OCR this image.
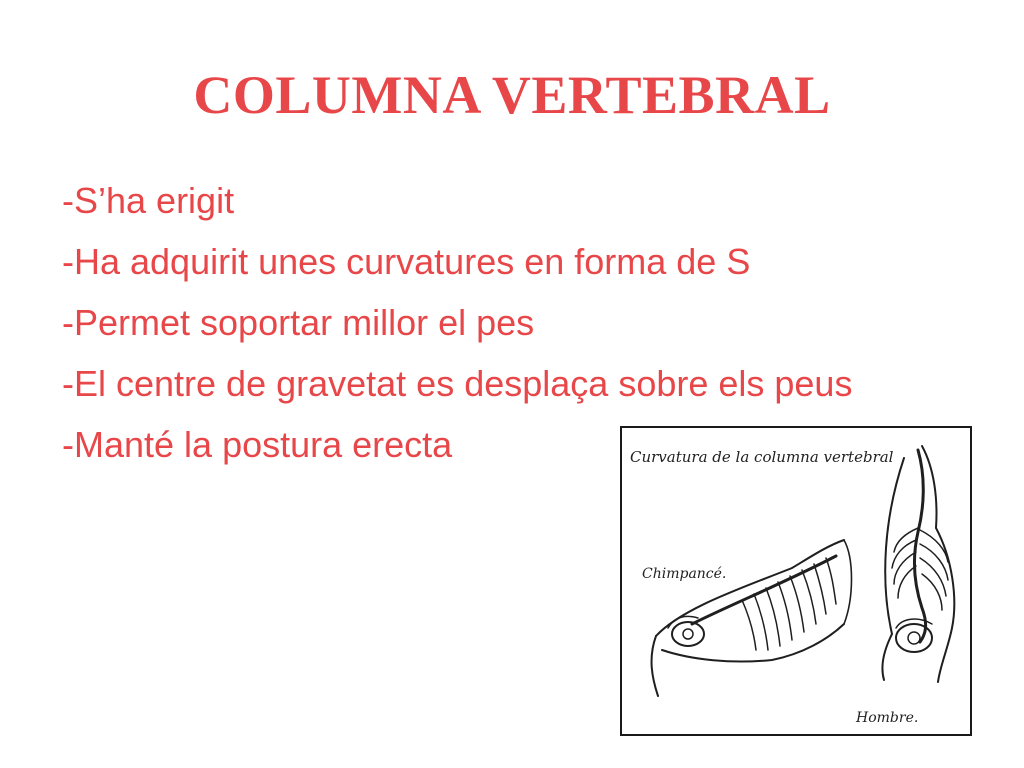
COLUMNA VERTEBRAL
-S’ha erigit
-Ha adquirit unes curvatures en forma de S
-Permet soportar millor el pes
-El centre de gravetat es desplaça sobre els peus
-Manté la postura erecta	Curvatura de la columna vertebral
Chimpancé.
Hombre.
